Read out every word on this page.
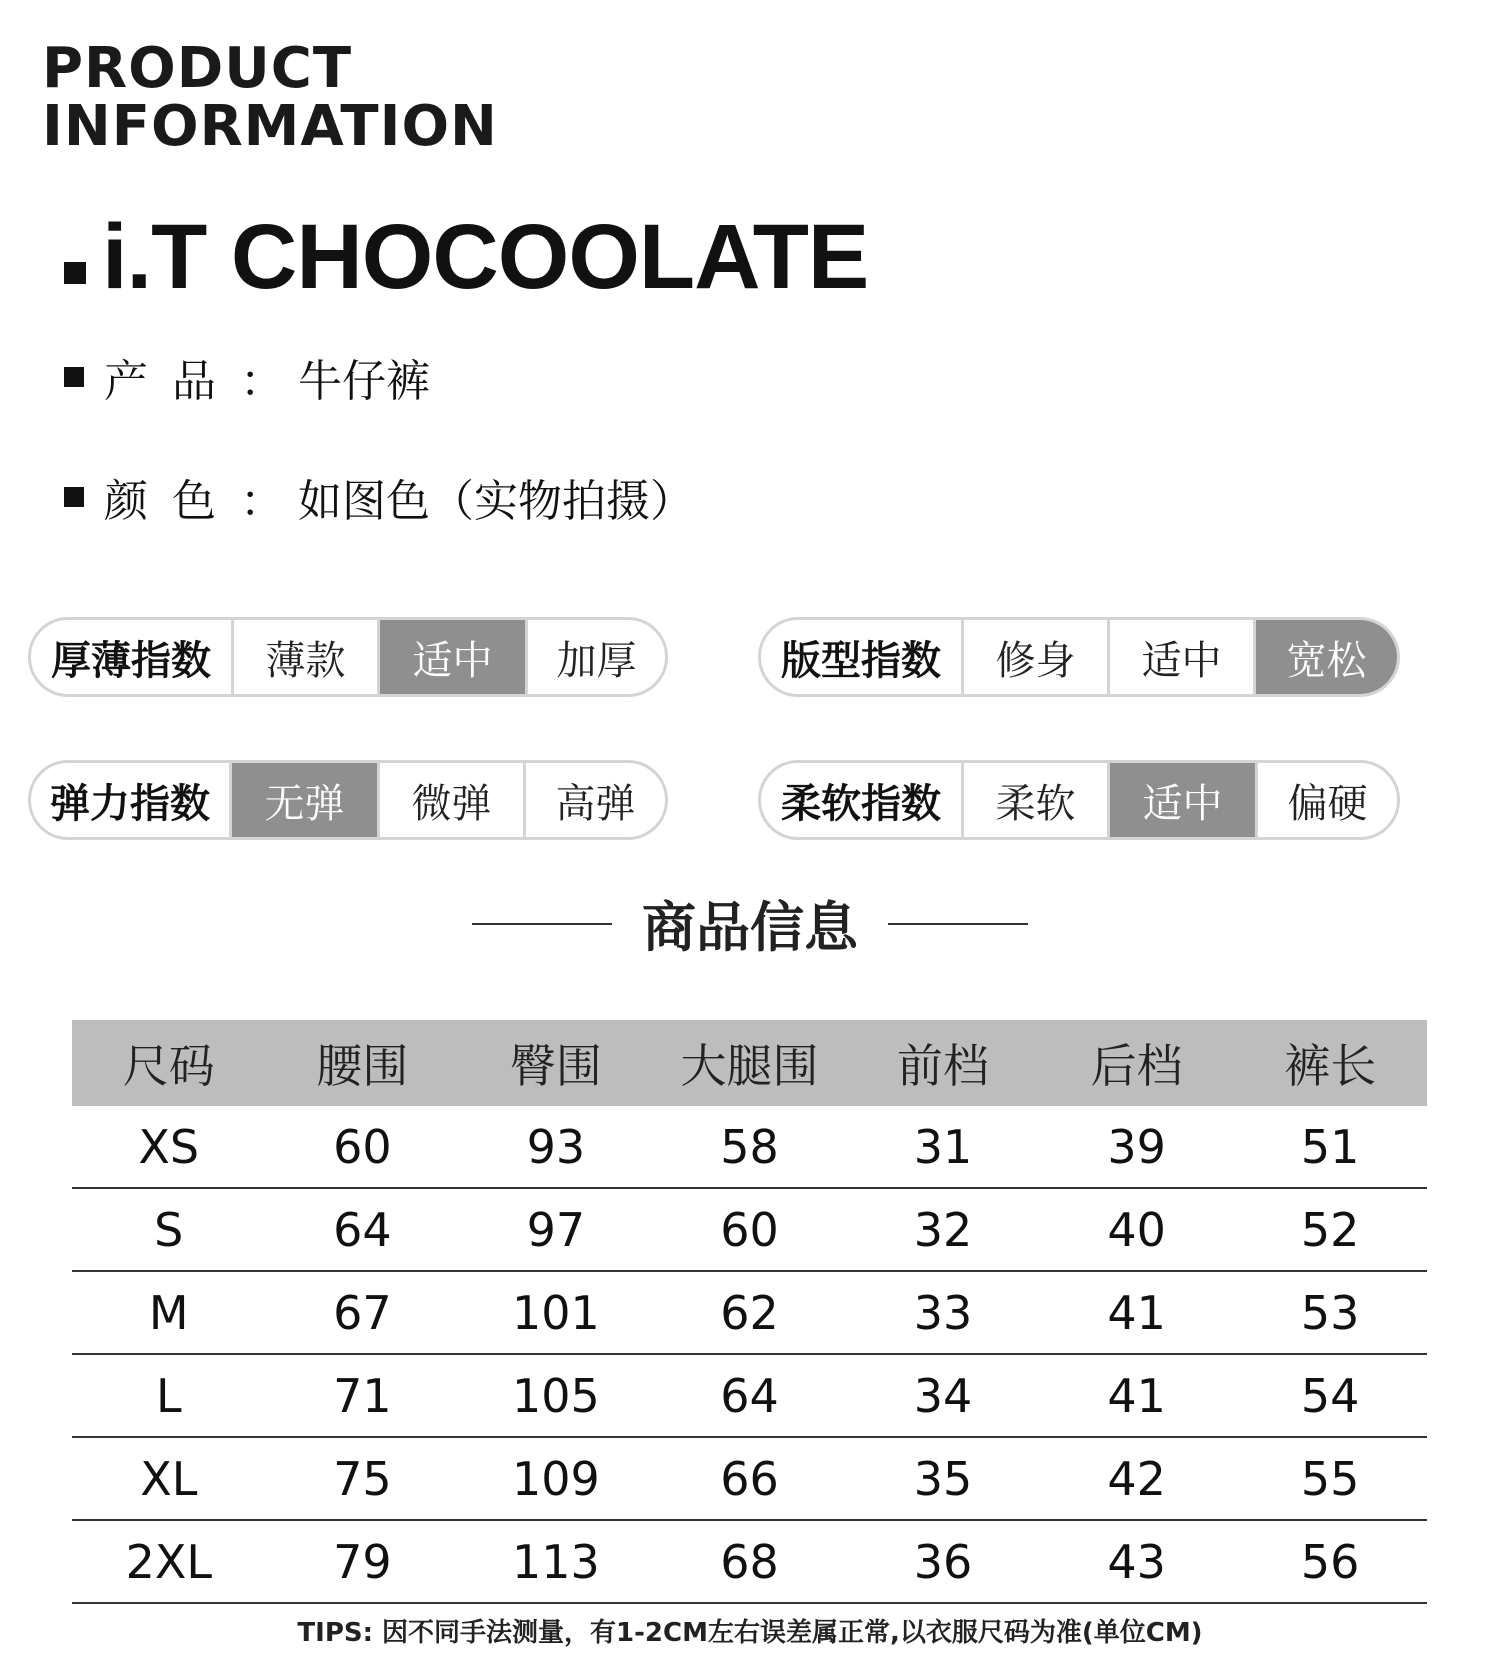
PRODUCT
INFORMATION
i.T CHOCOOLATE
产品 ： 牛仔裤
颜色 ： 如图色（实物拍摄）
厚薄指数	薄款	适中	加厚	版型指数	修身	适中	宽松
弹力指数	无弹	微弹	高弹	柔软指数	柔软	适中	偏硬
商品信息
尺码	腰围	臀围	大腿围	前档	后档	裤长
XS	60	93	58	31	39	51
S	64	97	60	32	40	52
M	67	101	62	33	41	53
L	71	105	64	34	41	54
XL	75	109	66	35	42	55
2XL	79	113	68	36	43	56
TIPS: 因不同手法测量，有1-2CM左右误差属正常,以衣服尺码为准(单位CM)
